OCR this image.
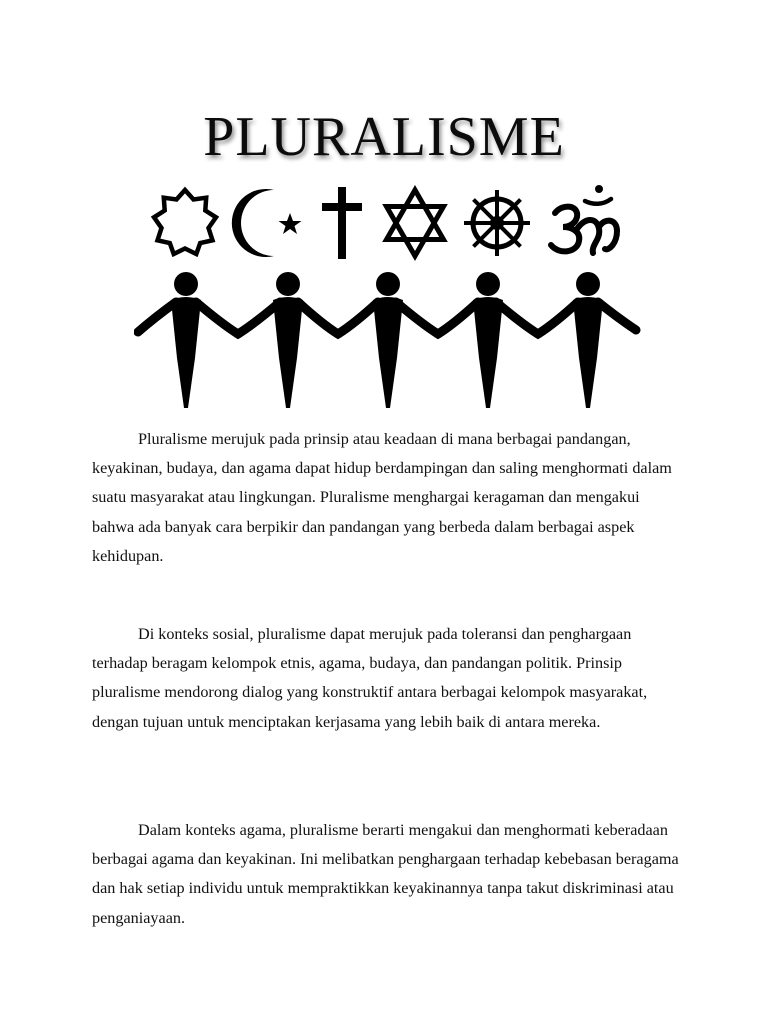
PLURALISME

Pluralisme merujuk pada prinsip atau keadaan di mana berbagai pandangan, keyakinan, budaya, dan agama dapat hidup berdampingan dan saling menghormati dalam suatu masyarakat atau lingkungan. Pluralisme menghargai keragaman dan mengakui bahwa ada banyak cara berpikir dan pandangan yang berbeda dalam berbagai aspek kehidupan.

Di konteks sosial, pluralisme dapat merujuk pada toleransi dan penghargaan terhadap beragam kelompok etnis, agama, budaya, dan pandangan politik. Prinsip pluralisme mendorong dialog yang konstruktif antara berbagai kelompok masyarakat, dengan tujuan untuk menciptakan kerjasama yang lebih baik di antara mereka.

Dalam konteks agama, pluralisme berarti mengakui dan menghormati keberadaan berbagai agama dan keyakinan. Ini melibatkan penghargaan terhadap kebebasan beragama dan hak setiap individu untuk mempraktikkan keyakinannya tanpa takut diskriminasi atau penganiayaan.
